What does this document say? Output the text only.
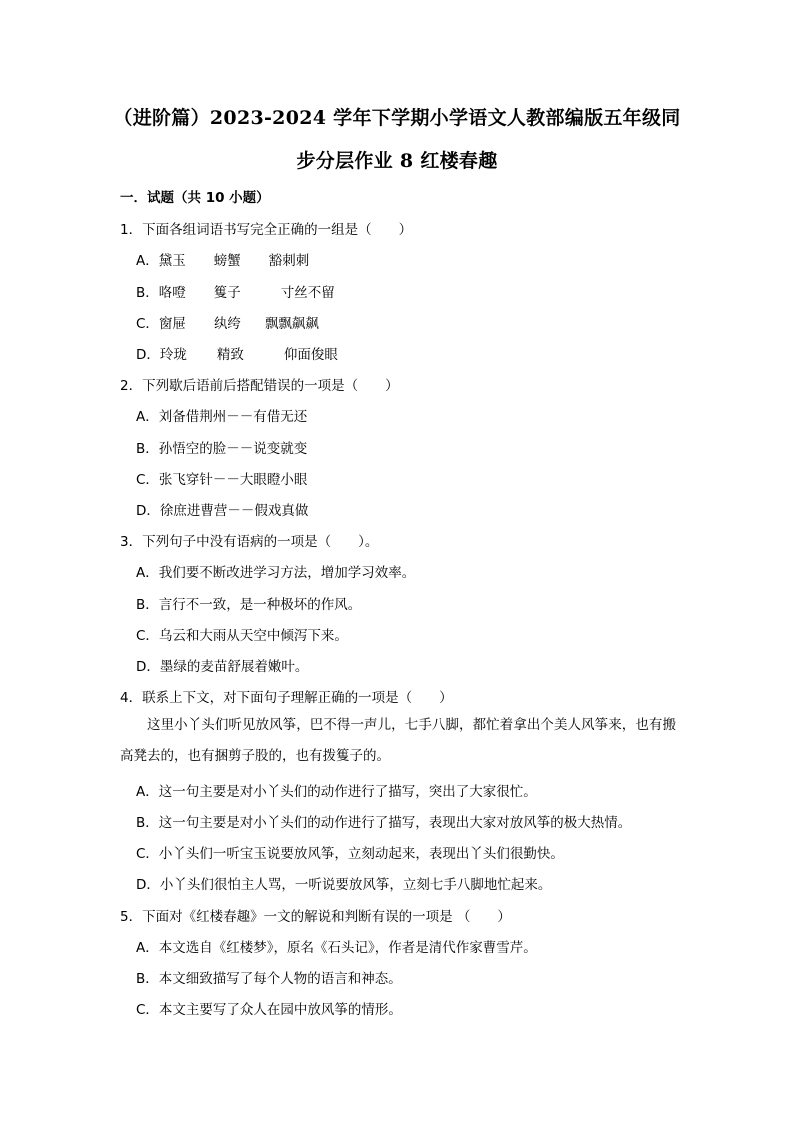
（进阶篇）2023-2024 学年下学期小学语文人教部编版五年级同
步分层作业 8 红楼春趣
一．试题（共 10 小题）
1．下面各组词语书写完全正确的一组是（　　）
A．黛玉 螃蟹 豁刺刺
B．咯噔 篗子	寸丝不留
C．窗屉 纨绔 飘飘飙飙
D．玲珑 精致	仰面俊眼
2．下列歇后语前后搭配错误的一项是（　　）
A．刘备借荆州－－有借无还
B．孙悟空的脸－－说变就变
C．张飞穿针－－大眼瞪小眼
D．徐庶进曹营－－假戏真做
3．下列句子中没有语病的一项是（　　）。
A．我们要不断改进学习方法，增加学习效率。
B．言行不一致，是一种极坏的作风。
C．乌云和大雨从天空中倾泻下来。
D．墨绿的麦苗舒展着嫩叶。
4．联系上下文，对下面句子理解正确的一项是（　　）
这里小丫头们听见放风筝，巴不得一声儿，七手八脚，都忙着拿出个美人风筝来，也有搬高凳去的，也有捆剪子股的，也有拨篗子的。
A．这一句主要是对小丫头们的动作进行了描写，突出了大家很忙。
B．这一句主要是对小丫头们的动作进行了描写，表现出大家对放风筝的极大热情。
C．小丫头们一听宝玉说要放风筝，立刻动起来，表现出丫头们很勤快。
D．小丫头们很怕主人骂，一听说要放风筝，立刻七手八脚地忙起来。
5．下面对《红楼春趣》一文的解说和判断有误的一项是 （　　）
A．本文选自《红楼梦》，原名《石头记》，作者是清代作家曹雪芹。
B．本文细致描写了每个人物的语言和神态。
C．本文主要写了众人在园中放风筝的情形。
